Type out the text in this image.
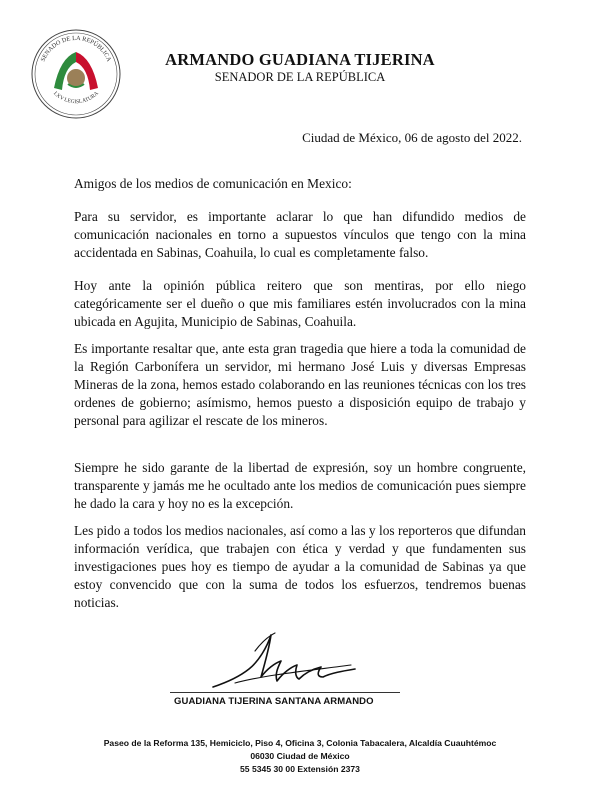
SENADO DE LA REPÚBLICA
LXV LEGISLATURA
ARMANDO GUADIANA TIJERINA
SENADOR DE LA REPÚBLICA
Ciudad de México, 06 de agosto del 2022.
Amigos de los medios de comunicación en Mexico:
Para su servidor, es importante aclarar lo que han difundido medios de comunicación nacionales en torno a supuestos vínculos que tengo con la mina accidentada en Sabinas, Coahuila, lo cual es completamente falso.
Hoy ante la opinión pública reitero que son mentiras, por ello niego categóricamente ser el dueño o que mis familiares estén involucrados con la mina ubicada en Agujita, Municipio de Sabinas, Coahuila.
Es importante resaltar que, ante esta gran tragedia que hiere a toda la comunidad de la Región Carbonífera un servidor, mi hermano José Luis y diversas Empresas Mineras de la zona, hemos estado colaborando en las reuniones técnicas con los tres ordenes de gobierno; asímismo, hemos puesto a disposición equipo de trabajo y personal para agilizar el rescate de los mineros.
Siempre he sido garante de la libertad de expresión, soy un hombre congruente, transparente y jamás me he ocultado ante los medios de comunicación pues siempre he dado la cara y hoy no es la excepción.
Les pido a todos los medios nacionales, así como a las y los reporteros que difundan información verídica, que trabajen con ética y verdad y que fundamenten sus investigaciones pues hoy es tiempo de ayudar a la comunidad de Sabinas ya que estoy convencido que con la suma de todos los esfuerzos, tendremos buenas noticias.
GUADIANA TIJERINA SANTANA ARMANDO
Paseo de la Reforma 135, Hemiciclo, Piso 4, Oficina 3, Colonia Tabacalera, Alcaldía Cuauhtémoc
06030 Ciudad de México
55 5345 30 00 Extensión 2373
